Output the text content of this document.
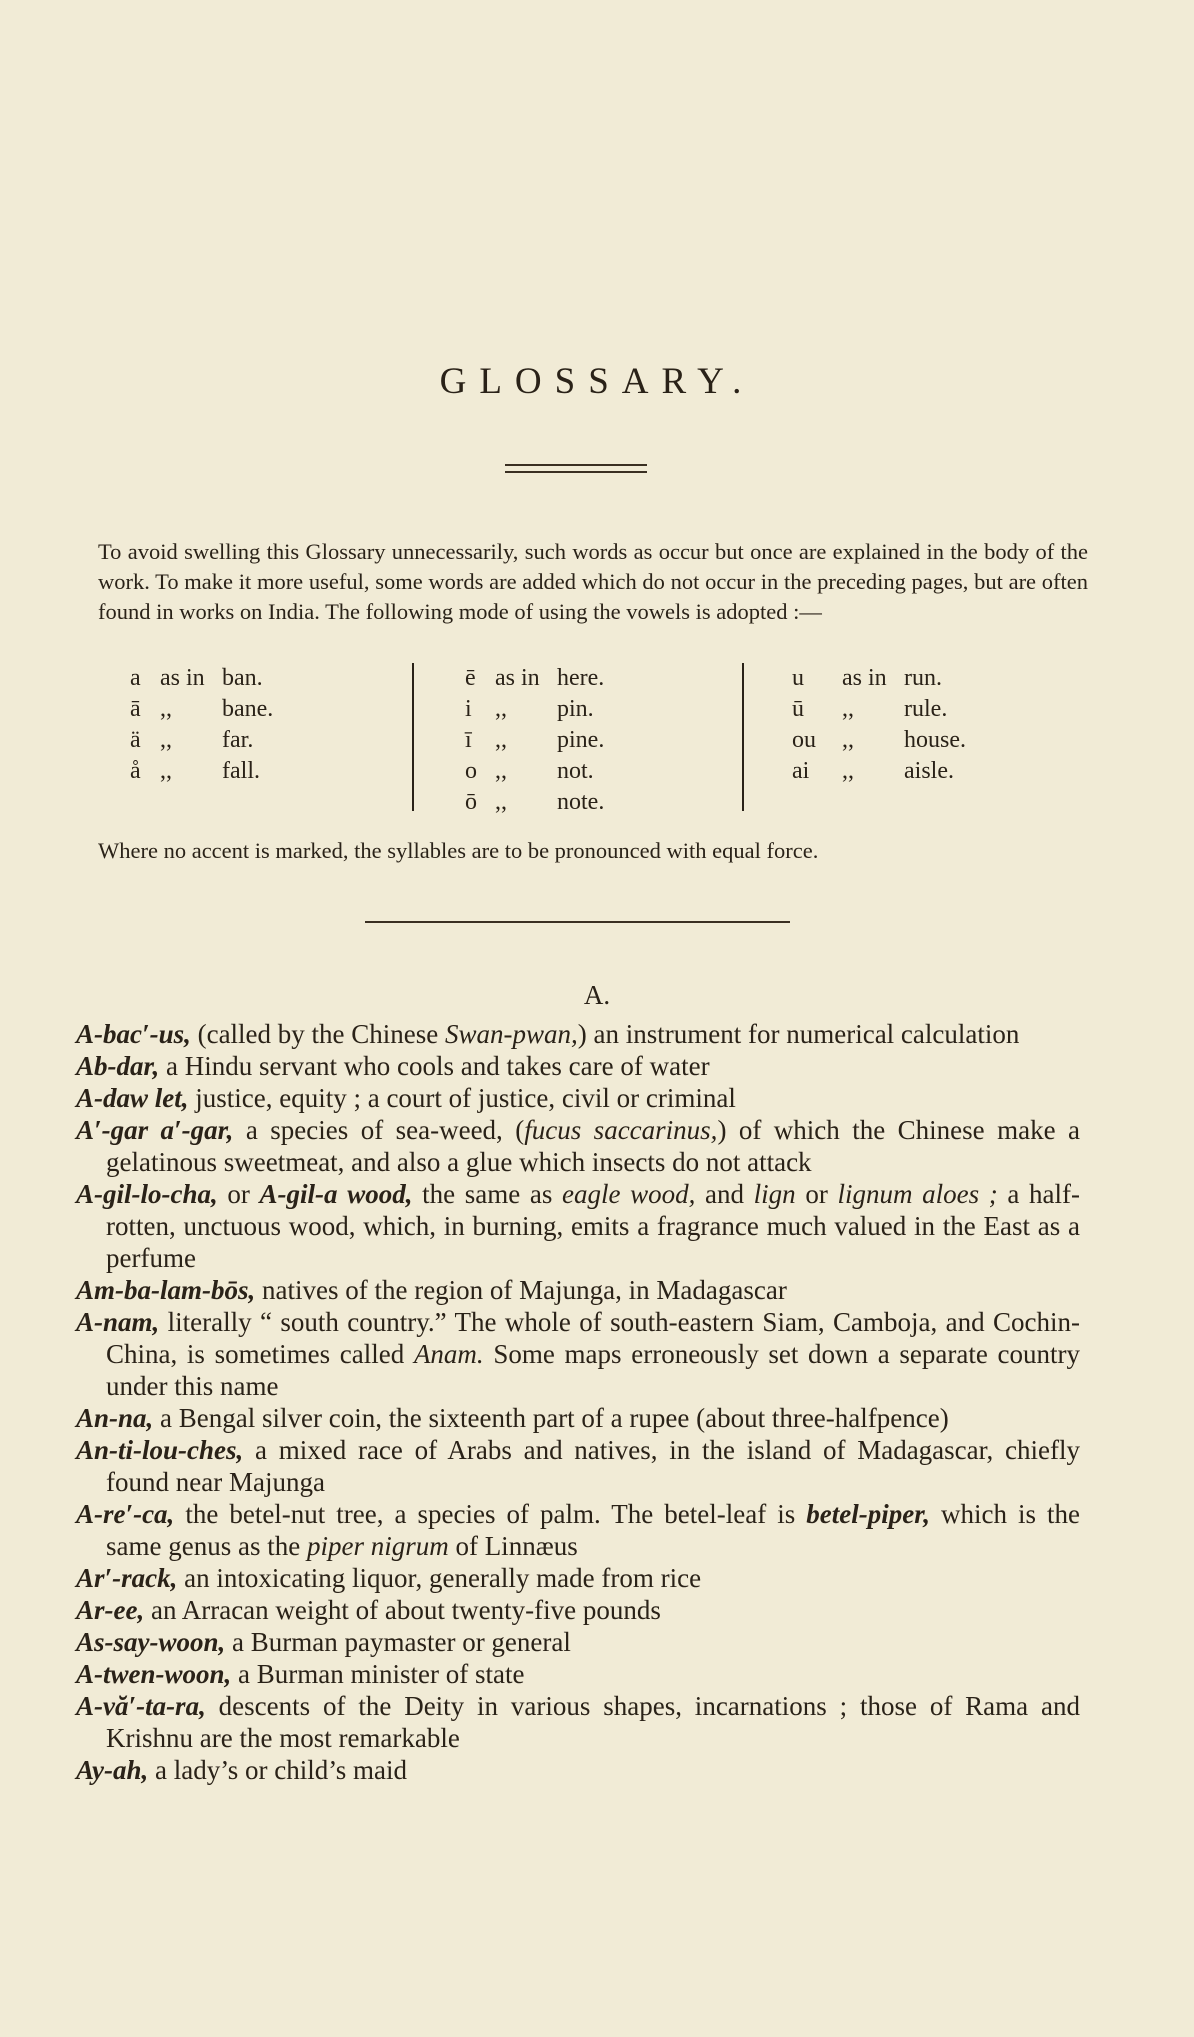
GLOSSARY.
To avoid swelling this Glossary unnecessarily, such words as occur but once are explained in the body of the work. To make it more useful, some words are added which do not occur in the preceding pages, but are often found in works on India. The following mode of using the vowels is adopted :—
a as in ban.
ā ,, bane.
ä ,, far.
å ,, fall.
ē as in here.
i ,, pin.
ī ,, pine.
o ,, not.
ō ,, note.
u as in run.
ū ,, rule.
ou ,, house.
ai ,, aisle.
Where no accent is marked, the syllables are to be pronounced with equal force.
A.
A-bac′-us, (called by the Chinese Swan-pwan,) an instrument for numerical calculation
Ab-dar, a Hindu servant who cools and takes care of water
A-daw let, justice, equity ; a court of justice, civil or criminal
A′-gar a′-gar, a species of sea-weed, (fucus saccarinus,) of which the Chinese make a gelatinous sweetmeat, and also a glue which insects do not attack
A-gil-lo-cha, or A-gil-a wood, the same as eagle wood, and lign or lignum aloes ; a half-rotten, unctuous wood, which, in burning, emits a fragrance much valued in the East as a perfume
Am-ba-lam-bōs, natives of the region of Majunga, in Madagascar
A-nam, literally “ south country.” The whole of south-eastern Siam, Camboja, and Cochin-China, is sometimes called Anam. Some maps erroneously set down a separate country under this name
An-na, a Bengal silver coin, the sixteenth part of a rupee (about three-halfpence)
An-ti-lou-ches, a mixed race of Arabs and natives, in the island of Madagascar, chiefly found near Majunga
A-re′-ca, the betel-nut tree, a species of palm. The betel-leaf is betel-piper, which is the same genus as the piper nigrum of Linnæus
Ar′-rack, an intoxicating liquor, generally made from rice
Ar-ee, an Arracan weight of about twenty-five pounds
As-say-woon, a Burman paymaster or general
A-twen-woon, a Burman minister of state
A-vă′-ta-ra, descents of the Deity in various shapes, incarnations ; those of Rama and Krishnu are the most remarkable
Ay-ah, a lady’s or child’s maid
